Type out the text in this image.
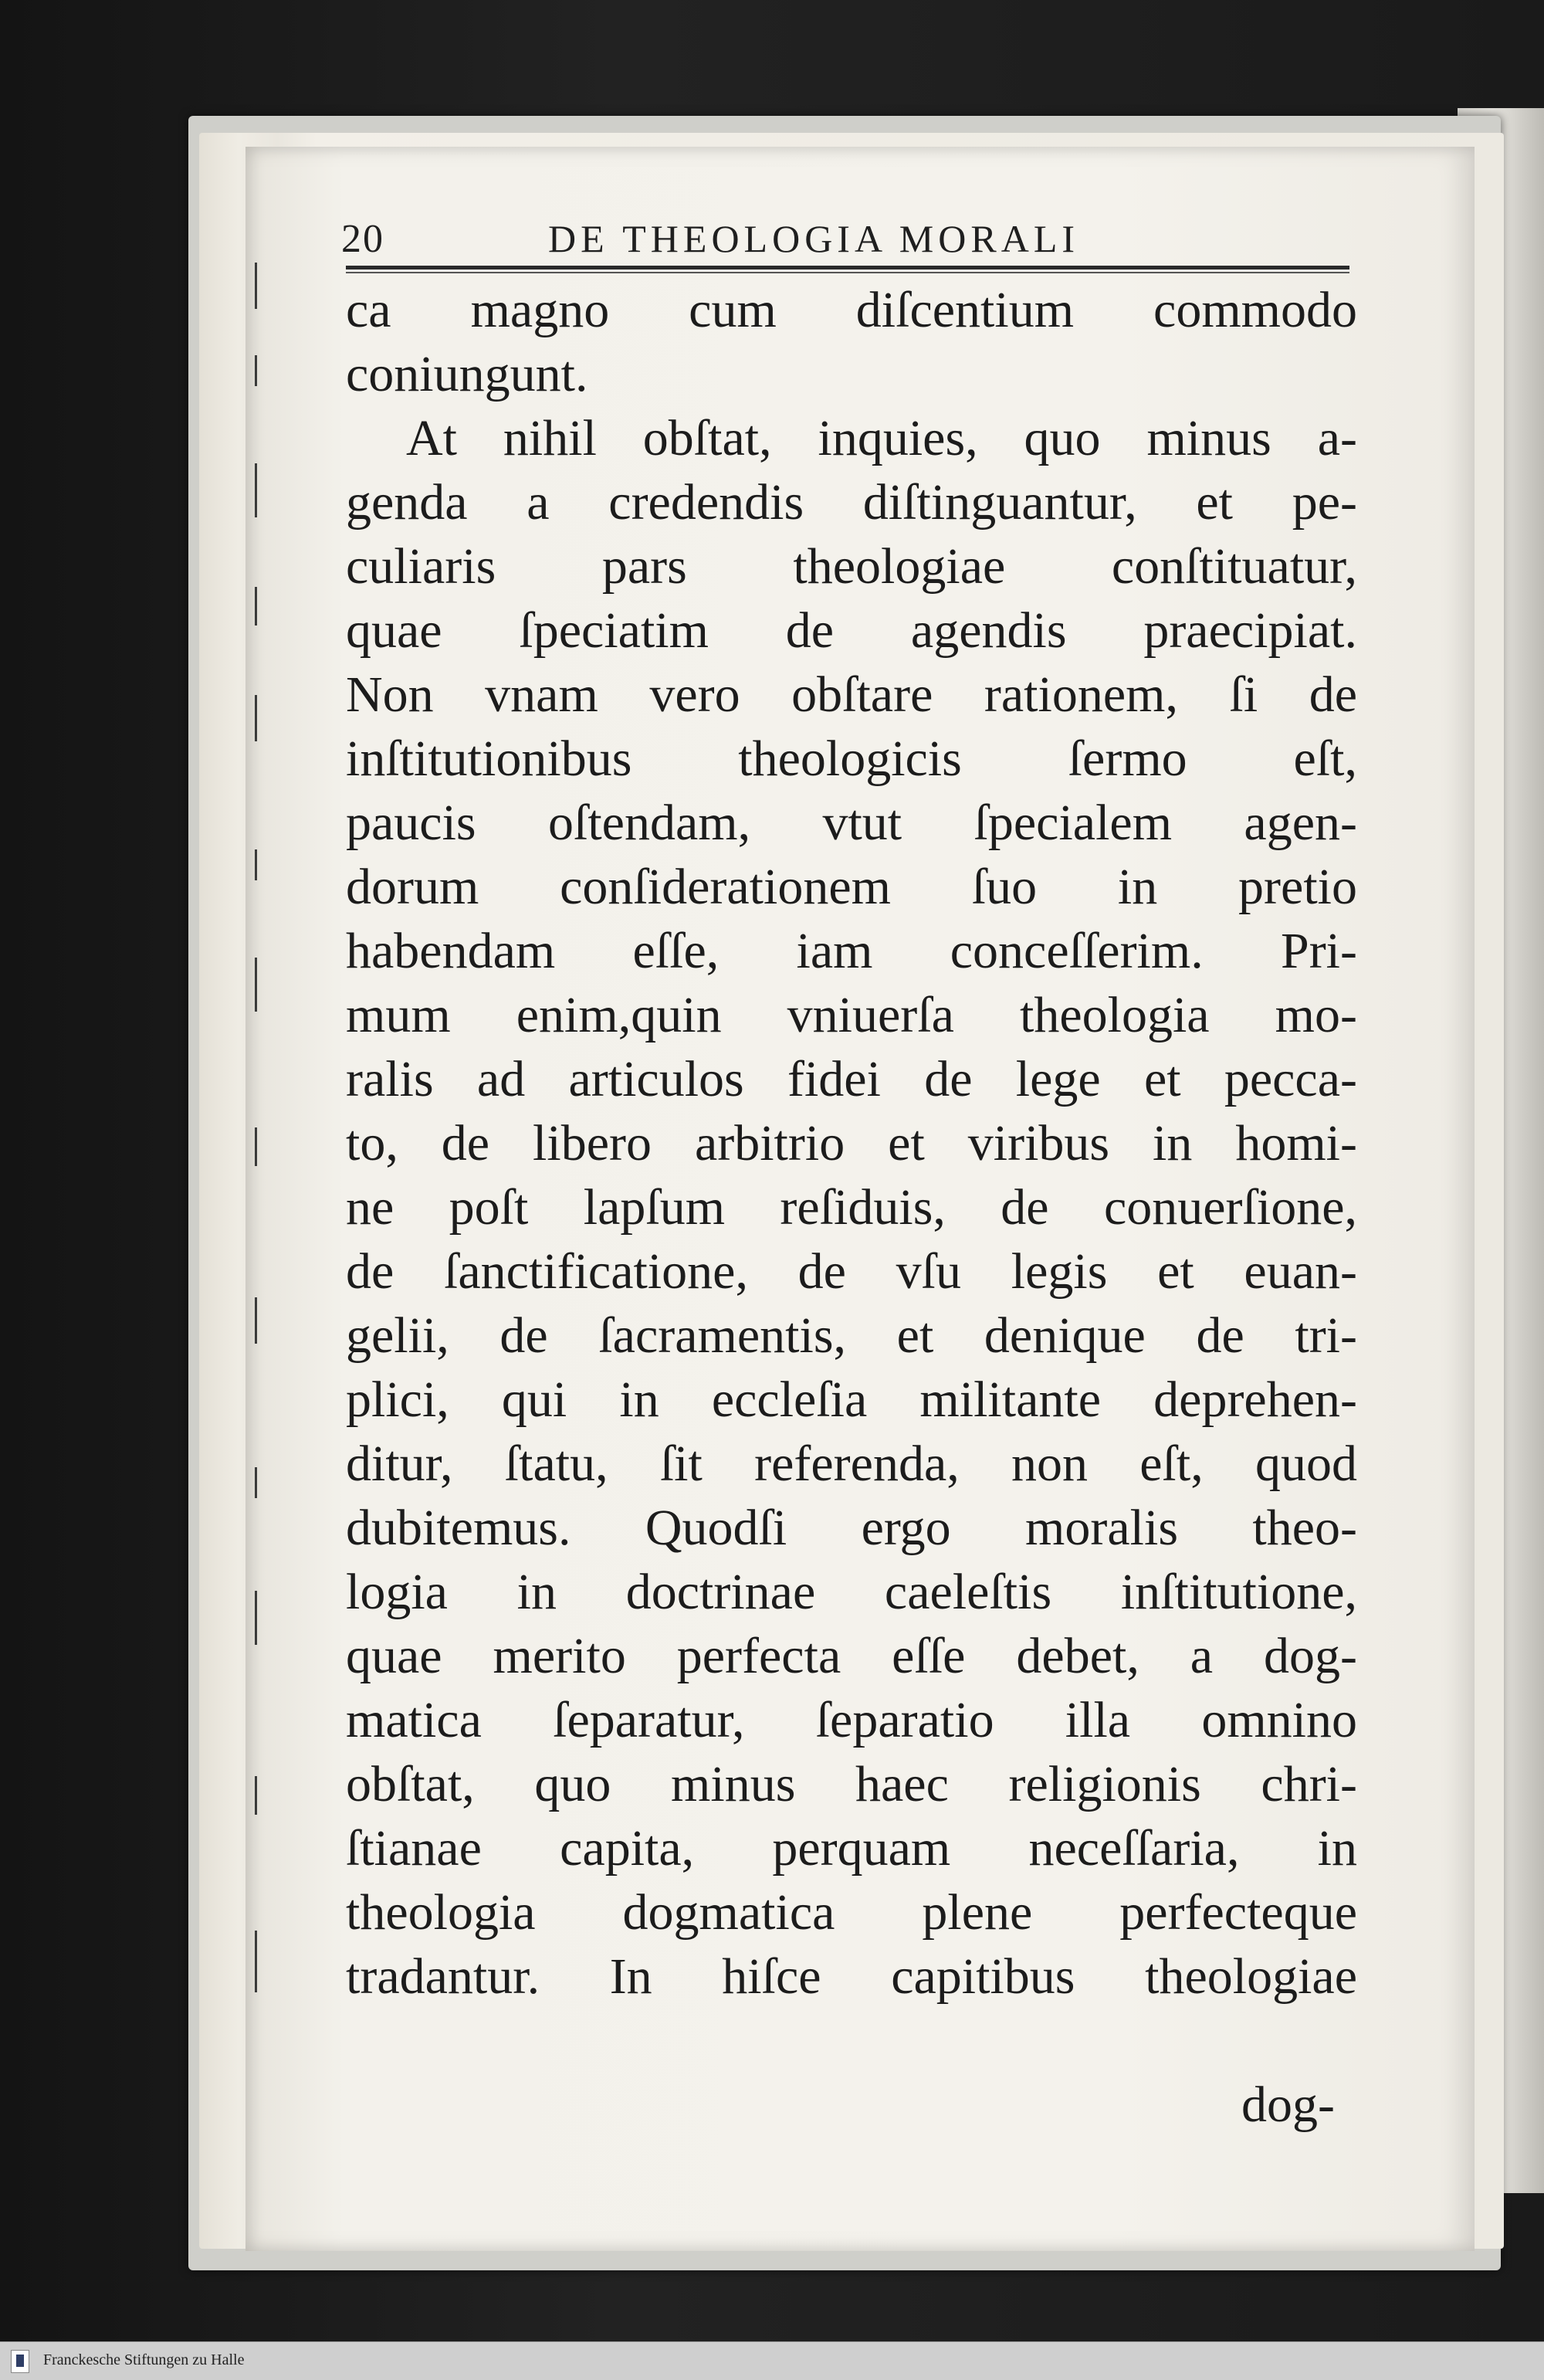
20	DE THEOLOGIA MORALI
ca magno cum diſcentium commodo
coniungunt.
At nihil obſtat, inquies, quo minus a-
genda a credendis diſtinguantur, et pe-
culiaris pars theologiae conſtituatur,
quae ſpeciatim de agendis praecipiat.
Non vnam vero obſtare rationem, ſi de
inſtitutionibus theologicis ſermo eſt,
paucis oſtendam, vtut ſpecialem agen-
dorum conſiderationem ſuo in pretio
habendam eſſe, iam conceſſerim. Pri-
mum enim,quin vniuerſa theologia mo-
ralis ad articulos fidei de lege et pecca-
to, de libero arbitrio et viribus in homi-
ne poſt lapſum reſiduis, de conuerſione,
de ſanctificatione, de vſu legis et euan-
gelii, de ſacramentis, et denique de tri-
plici, qui in eccleſia militante deprehen-
ditur, ſtatu, ſit referenda, non eſt, quod
dubitemus. Quodſi ergo moralis theo-
logia in doctrinae caeleſtis inſtitutione,
quae merito perfecta eſſe debet, a dog-
matica ſeparatur, ſeparatio illa omnino
obſtat, quo minus haec religionis chri-
ſtianae capita, perquam neceſſaria, in
theologia dogmatica plene perfecteque
tradantur. In hiſce capitibus theologiae
dog-
Franckesche Stiftungen zu Halle
